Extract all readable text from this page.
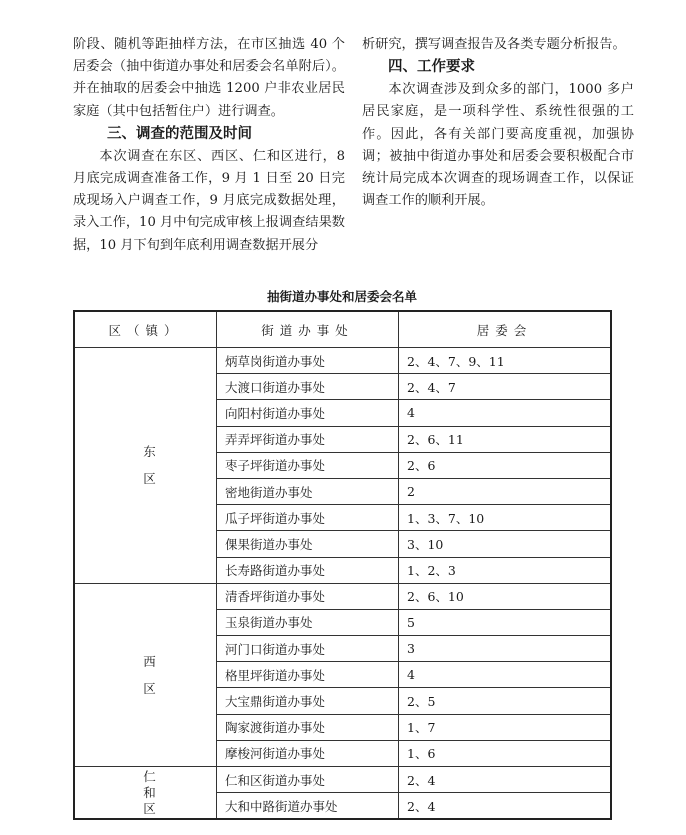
阶段、随机等距抽样方法，在市区抽选 40 个居委会（抽中街道办事处和居委会名单附后）。并在抽取的居委会中抽选 1200 户非农业居民家庭（其中包括暂住户）进行调查。

三、调查的范围及时间

本次调查在东区、西区、仁和区进行，8 月底完成调查准备工作，9 月 1 日至 20 日完成现场入户调查工作，9 月底完成数据处理，录入工作，10 月中旬完成审核上报调查结果数据，10 月下旬到年底利用调查数据开展分

析研究，撰写调查报告及各类专题分析报告。

四、工作要求

本次调查涉及到众多的部门，1000 多户居民家庭，是一项科学性、系统性很强的工作。因此，各有关部门要高度重视，加强协调；被抽中街道办事处和居委会要积极配合市统计局完成本次调查的现场调查工作，以保证调查工作的顺利开展。

抽街道办事处和居委会名单
区（镇）	街道办事处	居委会

东
区	炳草岗街道办事处	2、4、7、9、11
	大渡口街道办事处	2、4、7
	向阳村街道办事处	4
	弄弄坪街道办事处	2、6、11
	枣子坪街道办事处	2、6
	密地街道办事处	2
	瓜子坪街道办事处	1、3、7、10
	倮果街道办事处	3、10
	长寿路街道办事处	1、2、3

西
区	清香坪街道办事处	2、6、10
	玉泉街道办事处	5
	河门口街道办事处	3
	格里坪街道办事处	4
	大宝鼎街道办事处	2、5
	陶家渡街道办事处	1、7
	摩梭河街道办事处	1、6

仁
和
区	仁和区街道办事处	2、4
	大和中路街道办事处	2、4
